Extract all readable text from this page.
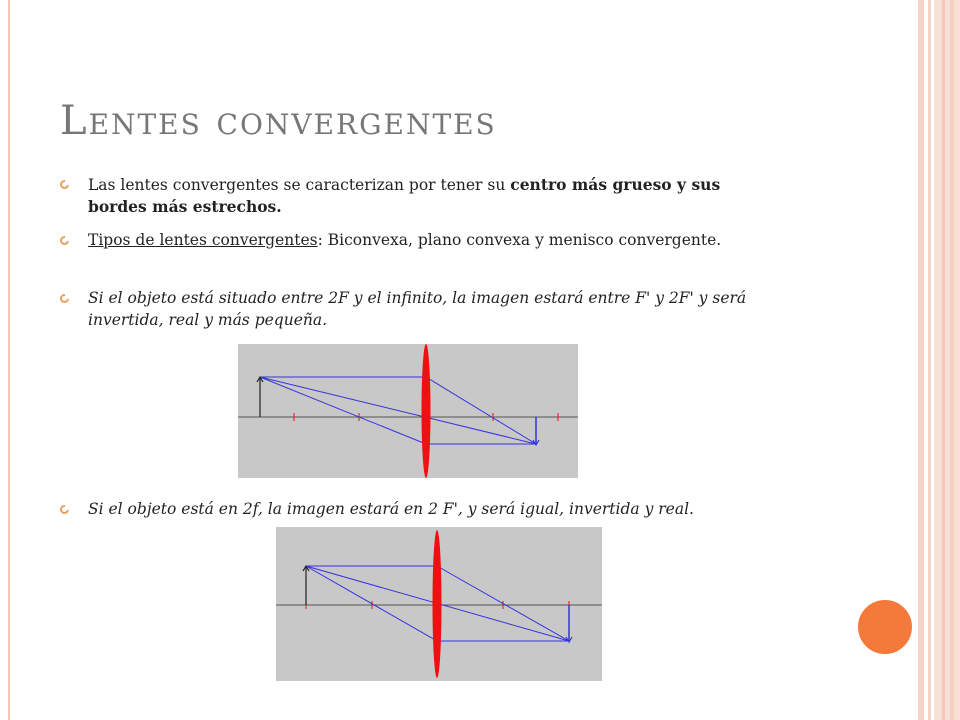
Lentes convergentes
Las lentes convergentes se caracterizan por tener su centro más grueso y sus
bordes más estrechos.
Tipos de lentes convergentes: Biconvexa, plano convexa y menisco convergente.
Si el objeto está situado entre 2F y el infinito, la imagen estará entre F' y 2F' y será
invertida, real y más pequeña.
Si el objeto está en 2f, la imagen estará en 2 F', y será igual, invertida y real.
